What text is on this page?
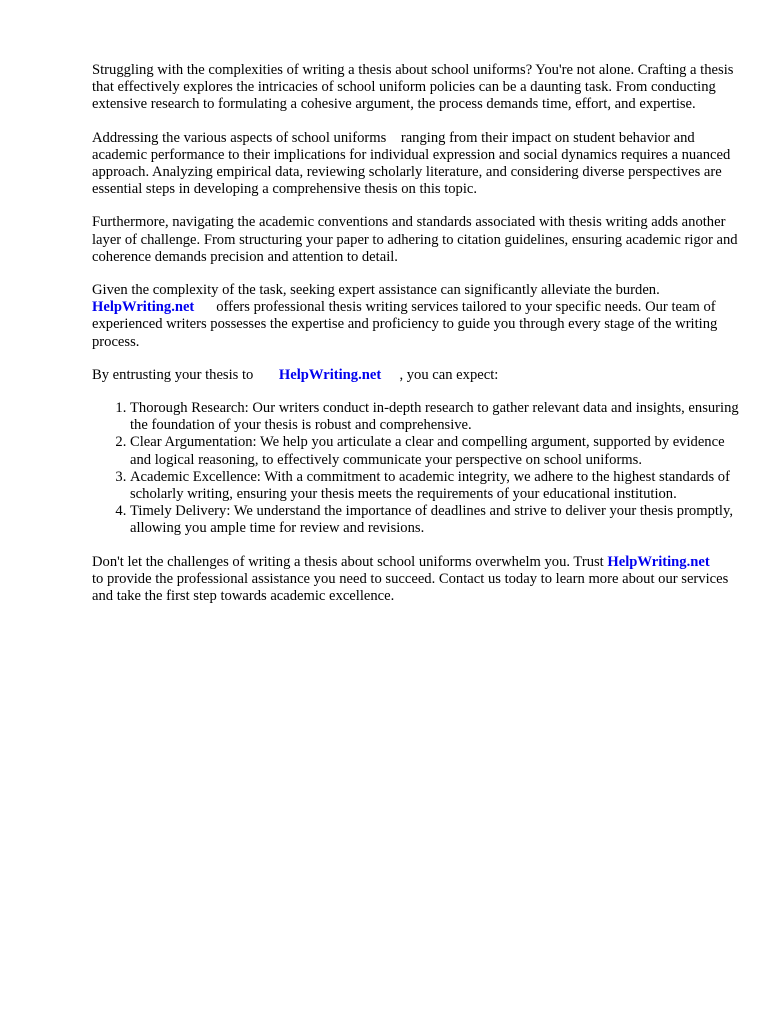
Struggling with the complexities of writing a thesis about school uniforms? You're not alone. Crafting a thesis that effectively explores the intricacies of school uniform policies can be a daunting task. From conducting extensive research to formulating a cohesive argument, the process demands time, effort, and expertise.

Addressing the various aspects of school uniforms    ranging from their impact on student behavior and academic performance to their implications for individual expression and social dynamics requires a nuanced approach. Analyzing empirical data, reviewing scholarly literature, and considering diverse perspectives are essential steps in developing a comprehensive thesis on this topic.

Furthermore, navigating the academic conventions and standards associated with thesis writing adds another layer of challenge. From structuring your paper to adhering to citation guidelines, ensuring academic rigor and coherence demands precision and attention to detail.

Given the complexity of the task, seeking expert assistance can significantly alleviate the burden. HelpWriting.net offers professional thesis writing services tailored to your specific needs. Our team of experienced writers possesses the expertise and proficiency to guide you through every stage of the writing process.

By entrusting your thesis to HelpWriting.net , you can expect:

1. Thorough Research: Our writers conduct in-depth research to gather relevant data and insights, ensuring the foundation of your thesis is robust and comprehensive.
2. Clear Argumentation: We help you articulate a clear and compelling argument, supported by evidence and logical reasoning, to effectively communicate your perspective on school uniforms.
3. Academic Excellence: With a commitment to academic integrity, we adhere to the highest standards of scholarly writing, ensuring your thesis meets the requirements of your educational institution.
4. Timely Delivery: We understand the importance of deadlines and strive to deliver your thesis promptly, allowing you ample time for review and revisions.

Don't let the challenges of writing a thesis about school uniforms overwhelm you. Trust HelpWriting.net      to provide the professional assistance you need to succeed. Contact us today to learn more about our services and take the first step towards academic excellence.
